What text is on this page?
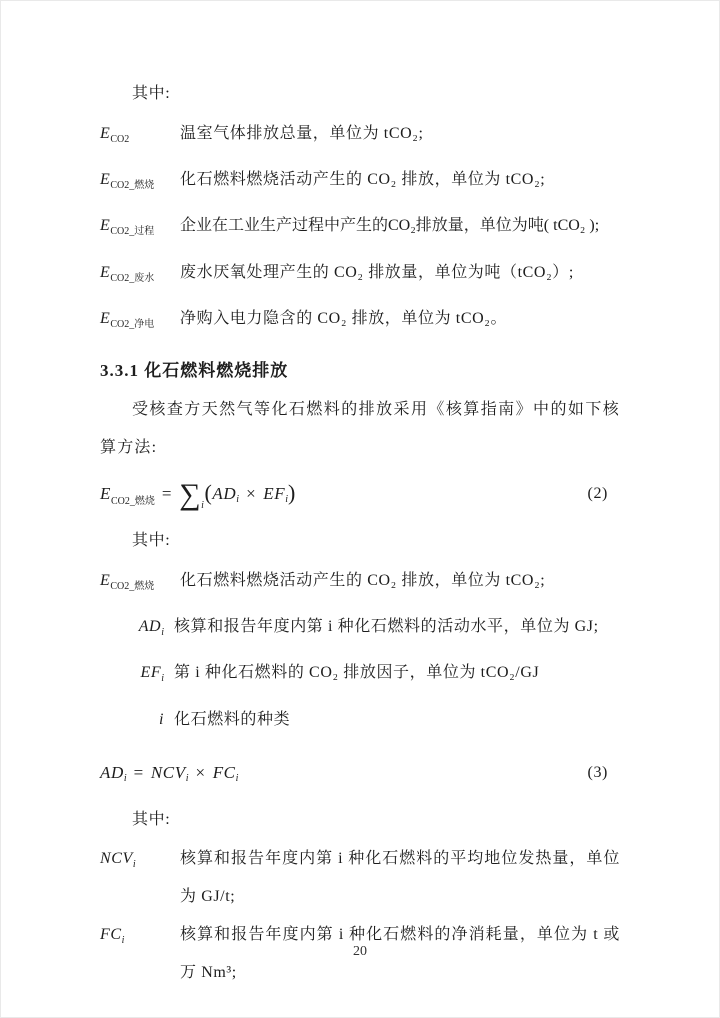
其中:
$E_{CO2}$	温室气体排放总量，单位为 tCO₂;
$E_{CO2\_燃烧}$	化石燃料燃烧活动产生的 CO₂ 排放，单位为 tCO₂;
$E_{CO2\_过程}$	企业在工业生产过程中产生的CO₂排放量，单位为吨( tCO₂ );
$E_{CO2\_废水}$	废水厌氧处理产生的 CO₂ 排放量，单位为吨（tCO₂）;
$E_{CO2\_净电}$	净购入电力隐含的 CO₂ 排放，单位为 tCO₂。
3.3.1 化石燃料燃烧排放
受核查方天然气等化石燃料的排放采用《核算指南》中的如下核算方法:
E CO2_燃烧 = ∑ i
( AD i × EF i )	(2)
其中:
$E_{CO2\_燃烧}$	化石燃料燃烧活动产生的 CO₂ 排放，单位为 tCO₂;
$AD_i$ 核算和报告年度内第 i 种化石燃料的活动水平，单位为 GJ;
$EF_i$ 第 i 种化石燃料的 CO₂ 排放因子，单位为 tCO₂/GJ
i 化石燃料的种类
AD i = NCV i × FC i	(3)
其中:
$NCV_i$	核算和报告年度内第 i 种化石燃料的平均地位发热量，单位为 GJ/t;
$FC_i$	核算和报告年度内第 i 种化石燃料的净消耗量，单位为 t 或万 Nm³;
20
